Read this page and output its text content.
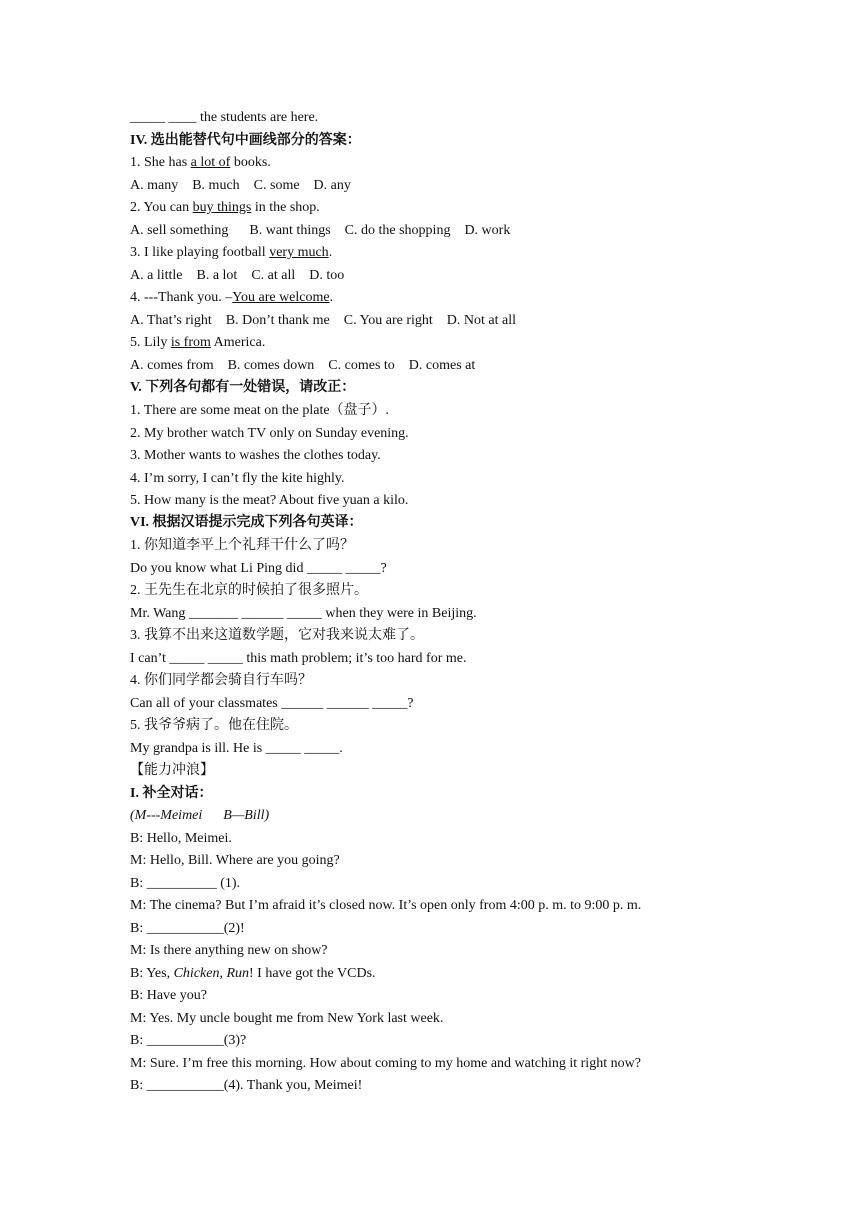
_____ ____ the students are here.
IV. 选出能替代句中画线部分的答案：
1. She has a lot of books.
A. many    B. much    C. some    D. any
2. You can buy things in the shop.
A. sell something      B. want things    C. do the shopping    D. work
3. I like playing football very much.
A. a little    B. a lot    C. at all    D. too
4. ---Thank you. –You are welcome.
A. That’s right    B. Don’t thank me    C. You are right    D. Not at all
5. Lily is from America.
A. comes from    B. comes down    C. comes to    D. comes at
V. 下列各句都有一处错误，请改正：
1. There are some meat on the plate（盘子）.
2. My brother watch TV only on Sunday evening.
3. Mother wants to washes the clothes today.
4. I’m sorry, I can’t fly the kite highly.
5. How many is the meat? About five yuan a kilo.
VI. 根据汉语提示完成下列各句英译：
1. 你知道李平上个礼拜干什么了吗？
Do you know what Li Ping did _____ _____?
2. 王先生在北京的时候拍了很多照片。
Mr. Wang _______ ______ _____ when they were in Beijing.
3. 我算不出来这道数学题，它对我来说太难了。
I can’t _____ _____ this math problem; it’s too hard for me.
4. 你们同学都会骑自行车吗？
Can all of your classmates ______ ______ _____?
5. 我爷爷病了。他在住院。
My grandpa is ill. He is _____ _____.
【能力冲浪】
I. 补全对话：
(M---Meimei      B—Bill)
B: Hello, Meimei.
M: Hello, Bill. Where are you going?
B: __________ (1).
M: The cinema? But I’m afraid it’s closed now. It’s open only from 4:00 p. m. to 9:00 p. m.
B: ___________(2)!
M: Is there anything new on show?
B: Yes, Chicken, Run! I have got the VCDs.
B: Have you?
M: Yes. My uncle bought me from New York last week.
B: ___________(3)?
M: Sure. I’m free this morning. How about coming to my home and watching it right now?
B: ___________(4). Thank you, Meimei!
